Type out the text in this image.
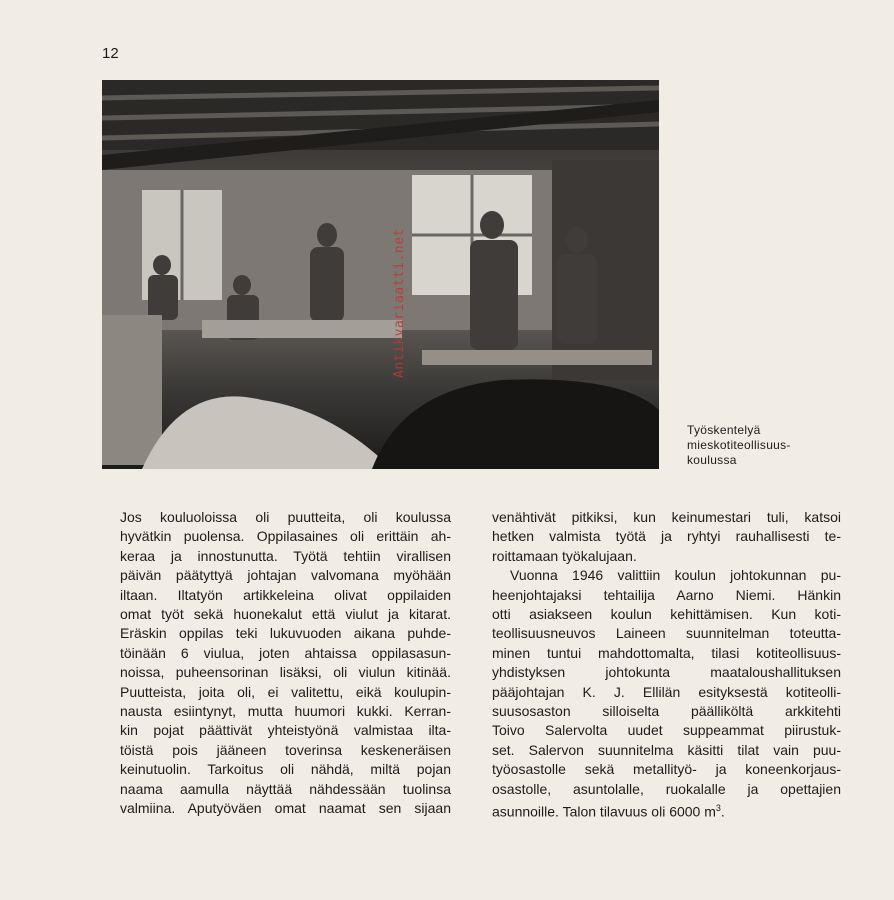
12
Työskentelyä
mieskotiteollisuus-
koulussa
Antikvariaatti.net

Jos kouluoloissa oli puutteita, oli koulussa
hyvätkin puolensa. Oppilasaines oli erittäin ah-
keraa ja innostunutta. Työtä tehtiin virallisen
päivän päätyttyä johtajan valvomana myöhään
iltaan. Iltatyön artikkeleina olivat oppilaiden
omat työt sekä huonekalut että viulut ja kitarat.
Eräskin oppilas teki lukuvuoden aikana puhde-
töinään 6 viulua, joten ahtaissa oppilasasun-
noissa, puheensorinan lisäksi, oli viulun kitinää.
Puutteista, joita oli, ei valitettu, eikä koulupin-
nausta esiintynyt, mutta huumori kukki. Kerran-
kin pojat päättivät yhteistyönä valmistaa ilta-
töistä pois jääneen toverinsa keskeneräisen
keinutuolin. Tarkoitus oli nähdä, miltä pojan
naama aamulla näyttää nähdessään tuolinsa
valmiina. Aputyöväen omat naamat sen sijaan

venähtivät pitkiksi, kun keinumestari tuli, katsoi
hetken valmista työtä ja ryhtyi rauhallisesti te-
roittamaan työkalujaan.

Vuonna 1946 valittiin koulun johtokunnan pu-
heenjohtajaksi tehtailija Aarno Niemi. Hänkin
otti asiakseen koulun kehittämisen. Kun koti-
teollisuusneuvos Laineen suunnitelman toteutta-
minen tuntui mahdottomalta, tilasi kotiteollisuus-
yhdistyksen johtokunta maataloushallituksen
pääjohtajan K. J. Ellilän esityksestä kotiteolli-
suusosaston silloiselta päälliköltä arkkitehti
Toivo Salervolta uudet suppeammat piirustuk-
set. Salervon suunnitelma käsitti tilat vain puu-
työosastolle sekä metallityö- ja koneenkorjaus-
osastolle, asuntolalle, ruokalalle ja opettajien
asunnoille. Talon tilavuus oli 6000 $m^3$.
